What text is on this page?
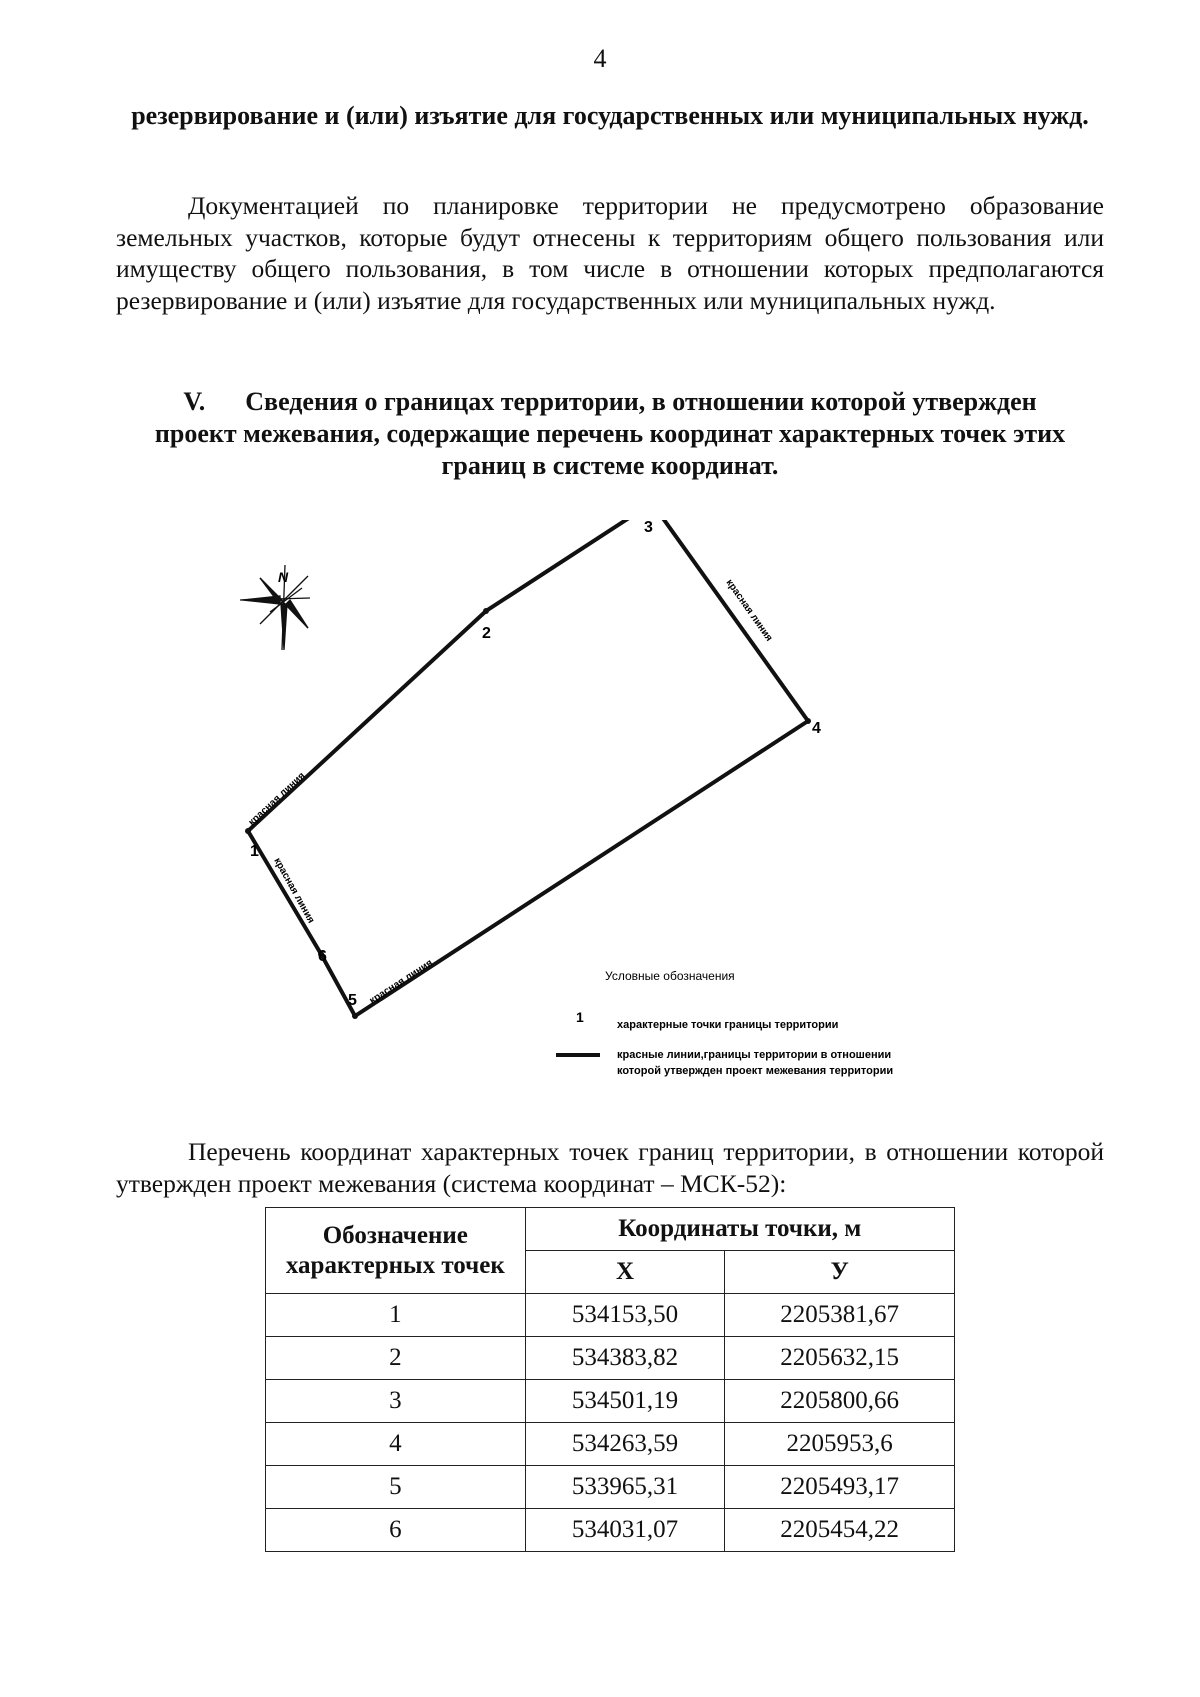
4
резервирование и (или) изъятие для государственных или муниципальных нужд.
Документацией по планировке территории не предусмотрено образование земельных участков, которые будут отнесены к территориям общего пользования или имуществу общего пользования, в том числе в отношении которых предполагаются резервирование и (или) изъятие для государственных или муниципальных нужд.
V. Сведения о границах территории, в отношении которой утвержден проект межевания, содержащие перечень координат характерных точек этих границ в системе координат.
N
1
2
3
4
5
6
красная линия
красная линия
красная линия
красная линия	Условные обозначения
1	характерные точки границы территории
красные линии,границы территории в отношении
которой утвержден проект межевания территории
Перечень координат характерных точек границ территории, в отношении которой утвержден проект межевания (система координат – МСК-52):
Обозначение характерных точек	Координаты точки, м	
	Х	У
1	534153,50	2205381,67
2	534383,82	2205632,15
3	534501,19	2205800,66
4	534263,59	2205953,6
5	533965,31	2205493,17
6	534031,07	2205454,22
